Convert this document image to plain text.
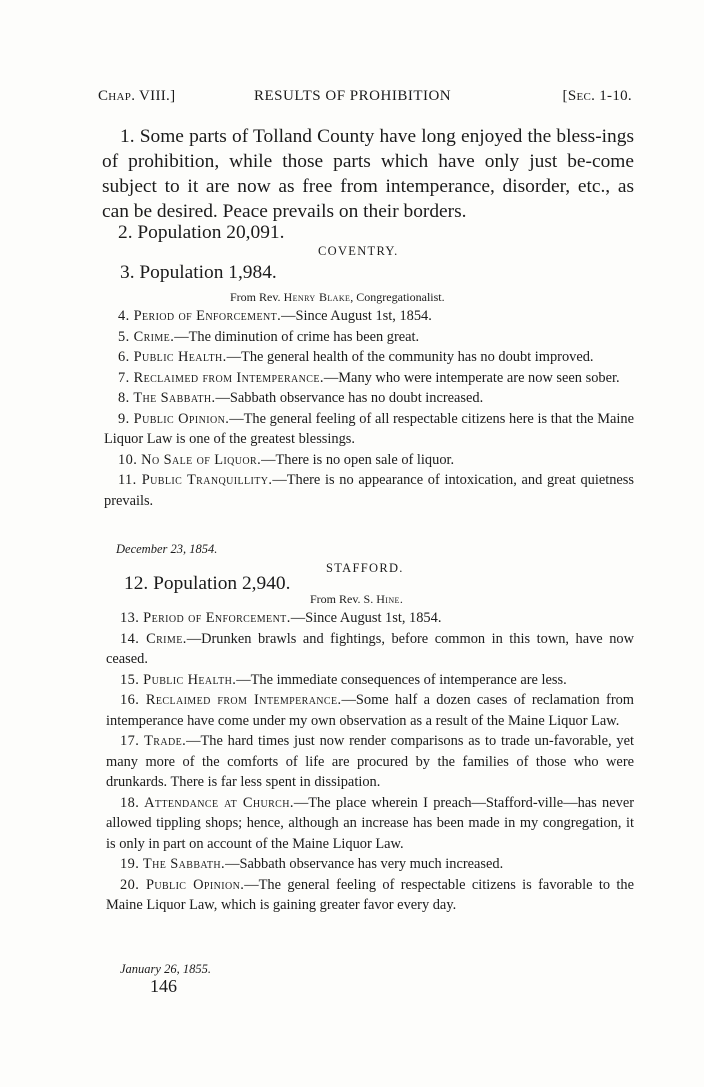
Chap. VIII.]	RESULTS OF PROHIBITION	[Sec. 1-10.
1. Some parts of Tolland County have long enjoyed the bless-ings of prohibition, while those parts which have only just be-come subject to it are now as free from intemperance, disorder, etc., as can be desired. Peace prevails on their borders.
2. Population 20,091.
COVENTRY.
3. Population 1,984.
From Rev. Henry Blake, Congregationalist.
4. Period of Enforcement.—Since August 1st, 1854.
5. Crime.—The diminution of crime has been great.
6. Public Health.—The general health of the community has no doubt improved.
7. Reclaimed from Intemperance.—Many who were intemperate are now seen sober.
8. The Sabbath.—Sabbath observance has no doubt increased.
9. Public Opinion.—The general feeling of all respectable citizens here is that the Maine Liquor Law is one of the greatest blessings.
10. No Sale of Liquor.—There is no open sale of liquor.
11. Public Tranquillity.—There is no appearance of intoxication, and great quietness prevails.
December 23, 1854.
STAFFORD.
12. Population 2,940.
From Rev. S. Hine.
13. Period of Enforcement.—Since August 1st, 1854.
14. Crime.—Drunken brawls and fightings, before common in this town, have now ceased.
15. Public Health.—The immediate consequences of intemperance are less.
16. Reclaimed from Intemperance.—Some half a dozen cases of reclamation from intemperance have come under my own observation as a result of the Maine Liquor Law.
17. Trade.—The hard times just now render comparisons as to trade un-favorable, yet many more of the comforts of life are procured by the families of those who were drunkards. There is far less spent in dissipation.
18. Attendance at Church.—The place wherein I preach—Stafford-ville—has never allowed tippling shops; hence, although an increase has been made in my congregation, it is only in part on account of the Maine Liquor Law.
19. The Sabbath.—Sabbath observance has very much increased.
20. Public Opinion.—The general feeling of respectable citizens is favorable to the Maine Liquor Law, which is gaining greater favor every day.
January 26, 1855.
146
